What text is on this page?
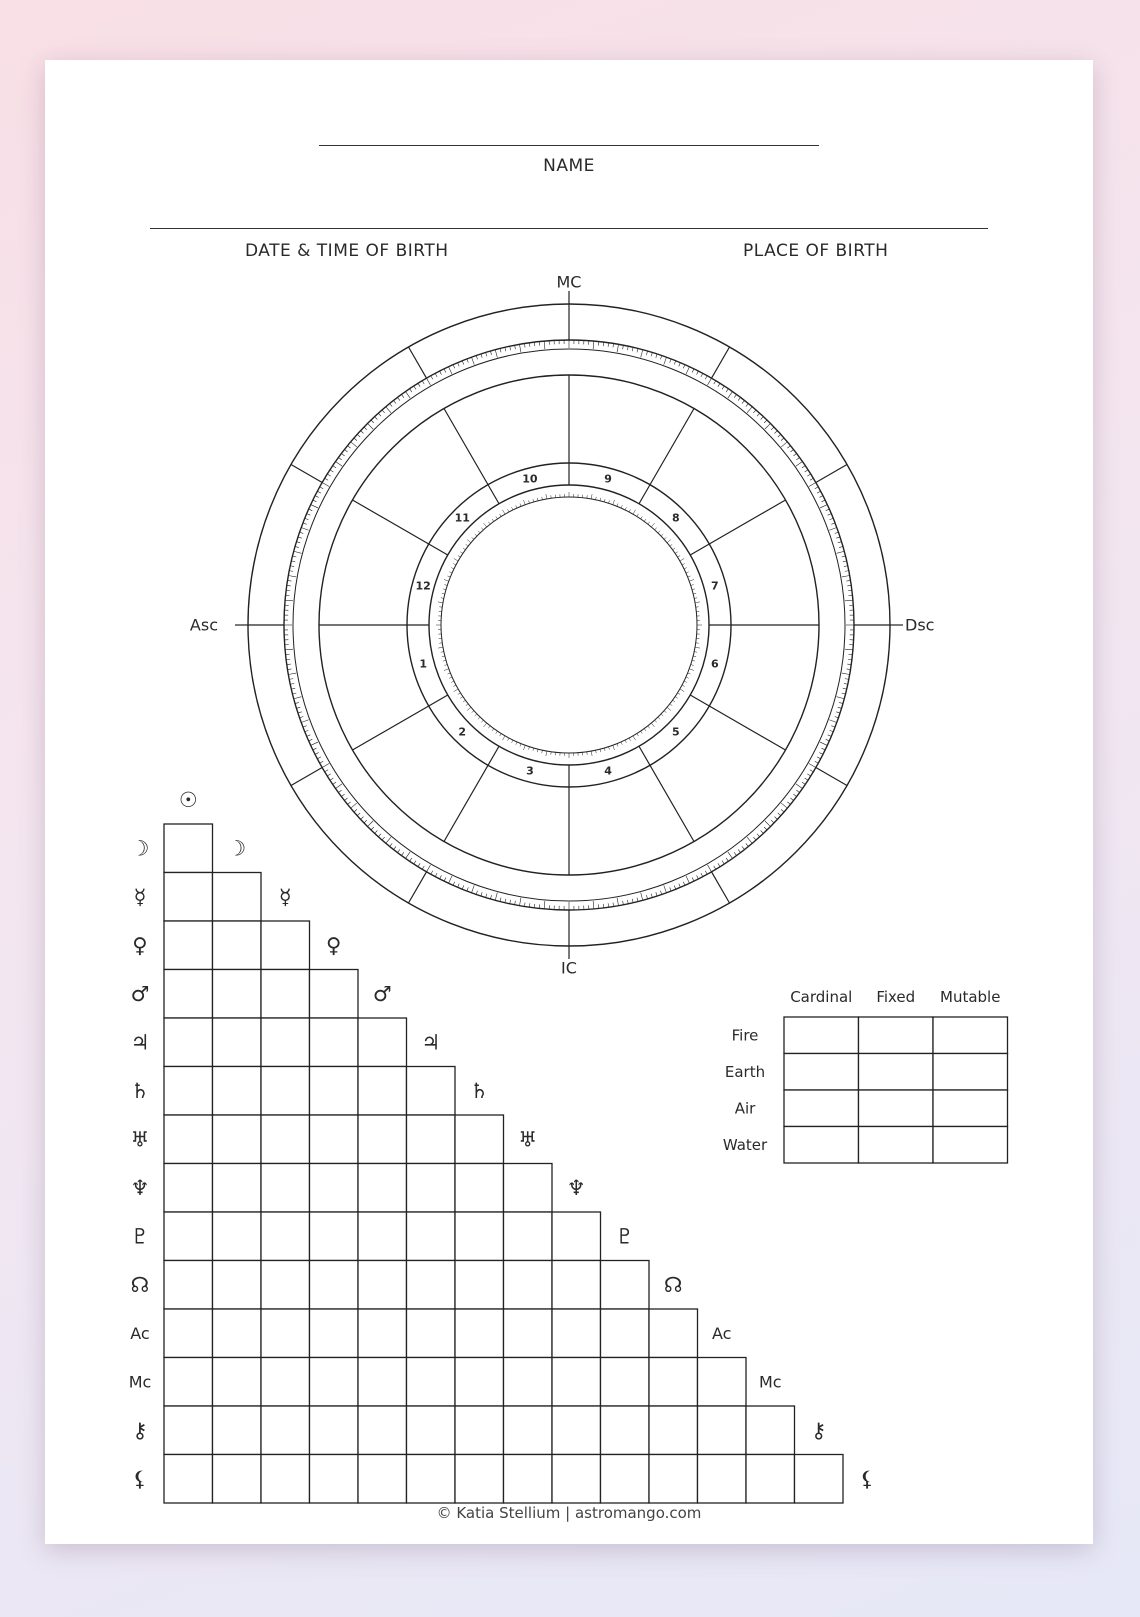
NAME
DATE & TIME OF BIRTH	PLACE OF BIRTH
1
2
3	4
5
6
7
8
9
10
11
12
MC
IC
Asc	Dsc
☉
☽
☽
☿
☿
♀
♀
♂
♂
♃
♃
♄
♄
♅
♅
♆
♆
♇
♇
☊
☊
Ac
Ac
Mc
Mc
⚷
⚷
⚸
⚸
Cardinal Fixed Mutable
Fire
Earth
Air
Water
© Katia Stellium | astromango.com
